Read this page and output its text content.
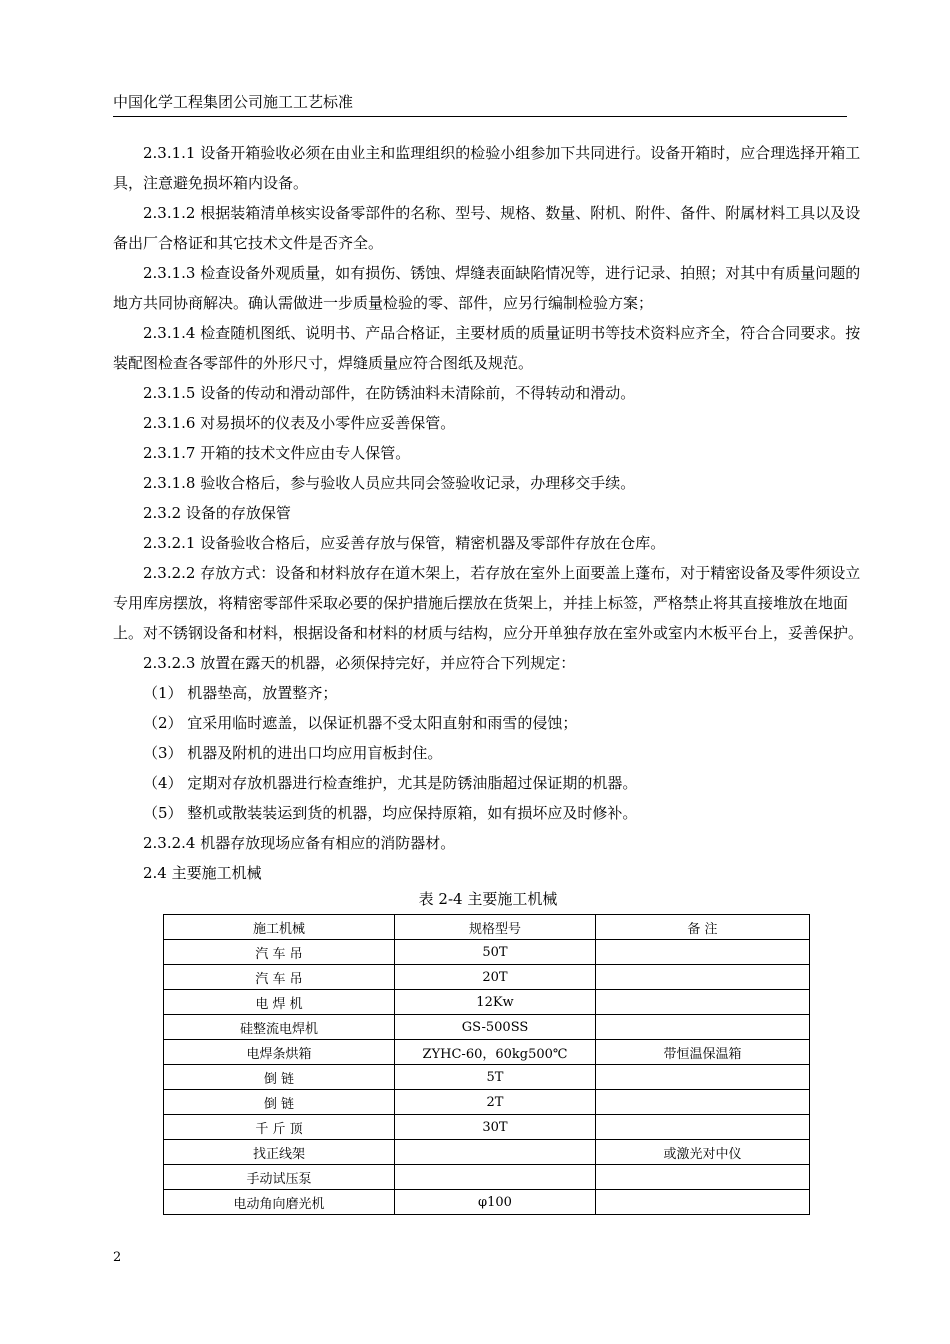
中国化学工程集团公司施工工艺标准

2.3.1.1 设备开箱验收必须在由业主和监理组织的检验小组参加下共同进行。设备开箱时，应合理选择开箱工具，注意避免损坏箱内设备。

2.3.1.2 根据装箱清单核实设备零部件的名称、型号、规格、数量、附机、附件、备件、附属材料工具以及设备出厂合格证和其它技术文件是否齐全。

2.3.1.3 检查设备外观质量，如有损伤、锈蚀、焊缝表面缺陷情况等，进行记录、拍照；对其中有质量问题的地方共同协商解决。确认需做进一步质量检验的零、部件，应另行编制检验方案；

2.3.1.4 检查随机图纸、说明书、产品合格证，主要材质的质量证明书等技术资料应齐全，符合合同要求。按装配图检查各零部件的外形尺寸，焊缝质量应符合图纸及规范。

2.3.1.5 设备的传动和滑动部件，在防锈油料未清除前，不得转动和滑动。

2.3.1.6 对易损坏的仪表及小零件应妥善保管。

2.3.1.7 开箱的技术文件应由专人保管。

2.3.1.8 验收合格后，参与验收人员应共同会签验收记录，办理移交手续。

2.3.2 设备的存放保管

2.3.2.1 设备验收合格后，应妥善存放与保管，精密机器及零部件存放在仓库。

2.3.2.2 存放方式：设备和材料放存在道木架上，若存放在室外上面要盖上蓬布，对于精密设备及零件须设立专用库房摆放，将精密零部件采取必要的保护措施后摆放在货架上，并挂上标签，严格禁止将其直接堆放在地面上。对不锈钢设备和材料，根据设备和材料的材质与结构，应分开单独存放在室外或室内木板平台上，妥善保护。

2.3.2.3 放置在露天的机器，必须保持完好，并应符合下列规定：

（1） 机器垫高，放置整齐；

（2） 宜采用临时遮盖，以保证机器不受太阳直射和雨雪的侵蚀；

（3） 机器及附机的进出口均应用盲板封住。

（4） 定期对存放机器进行检查维护，尤其是防锈油脂超过保证期的机器。

（5） 整机或散装装运到货的机器，均应保持原箱，如有损坏应及时修补。

2.3.2.4 机器存放现场应备有相应的消防器材。

2.4 主要施工机械

表 2-4 主要施工机械
施工机械	规格型号	备 注
汽 车 吊	50T	
汽 车 吊	20T	
电 焊 机	12Kw	
硅整流电焊机	GS-500SS	
电焊条烘箱	ZYHC-60，60kg500℃	带恒温保温箱
倒 链	5T	
倒 链	2T	
千 斤 顶	30T	
找正线架		或激光对中仪
手动试压泵		
电动角向磨光机	φ100	
2
